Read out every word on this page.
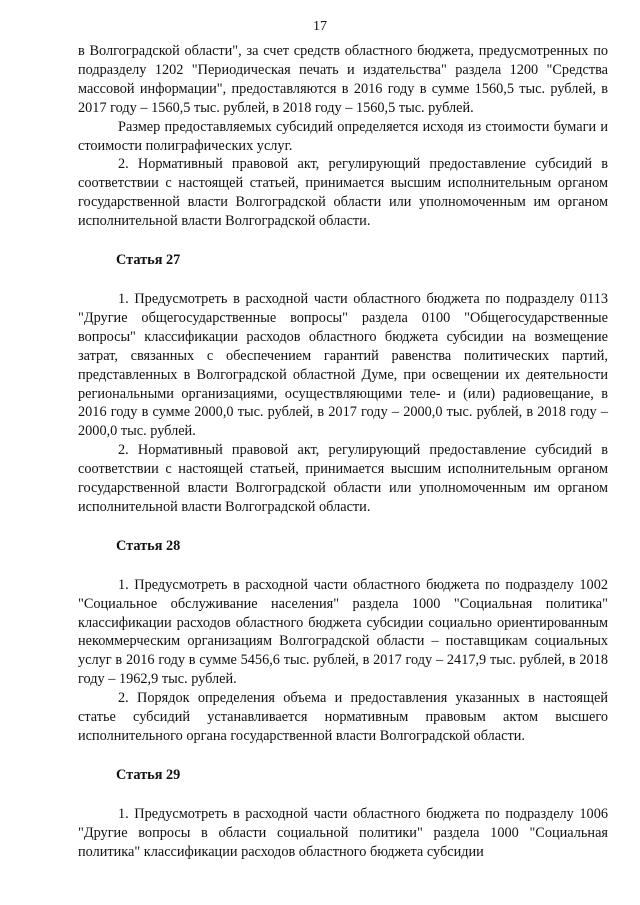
17

в Волгоградской области", за счет средств областного бюджета, предусмотренных по подразделу 1202 "Периодическая печать и издательства" раздела 1200 "Средства массовой информации", предоставляются в 2016 году в сумме 1560,5 тыс. рублей, в 2017 году – 1560,5 тыс. рублей, в 2018 году – 1560,5 тыс. рублей.

Размер предоставляемых субсидий определяется исходя из стоимости бумаги и стоимости полиграфических услуг.

2. Нормативный правовой акт, регулирующий предоставление субсидий в соответствии с настоящей статьей, принимается высшим исполнительным органом государственной власти Волгоградской области или уполномоченным им органом исполнительной власти Волгоградской области.

Статья 27

1. Предусмотреть в расходной части областного бюджета по подразделу 0113 "Другие общегосударственные вопросы" раздела 0100 "Общегосударственные вопросы" классификации расходов областного бюджета субсидии на возмещение затрат, связанных с обеспечением гарантий равенства политических партий, представленных в Волгоградской областной Думе, при освещении их деятельности региональными организациями, осуществляющими теле- и (или) радиовещание, в 2016 году в сумме 2000,0 тыс. рублей, в 2017 году – 2000,0 тыс. рублей, в 2018 году – 2000,0 тыс. рублей.

2. Нормативный правовой акт, регулирующий предоставление субсидий в соответствии с настоящей статьей, принимается высшим исполнительным органом государственной власти Волгоградской области или уполномоченным им органом исполнительной власти Волгоградской области.

Статья 28

1. Предусмотреть в расходной части областного бюджета по подразделу 1002 "Социальное обслуживание населения" раздела 1000 "Социальная политика" классификации расходов областного бюджета субсидии социально ориентированным некоммерческим организациям Волгоградской области – поставщикам социальных услуг в 2016 году в сумме 5456,6 тыс. рублей, в 2017 году – 2417,9 тыс. рублей, в 2018 году – 1962,9 тыс. рублей.

2. Порядок определения объема и предоставления указанных в настоящей статье субсидий устанавливается нормативным правовым актом высшего исполнительного органа государственной власти Волгоградской области.

Статья 29

1. Предусмотреть в расходной части областного бюджета по подразделу 1006 "Другие вопросы в области социальной политики" раздела 1000 "Социальная политика" классификации расходов областного бюджета субсидии
